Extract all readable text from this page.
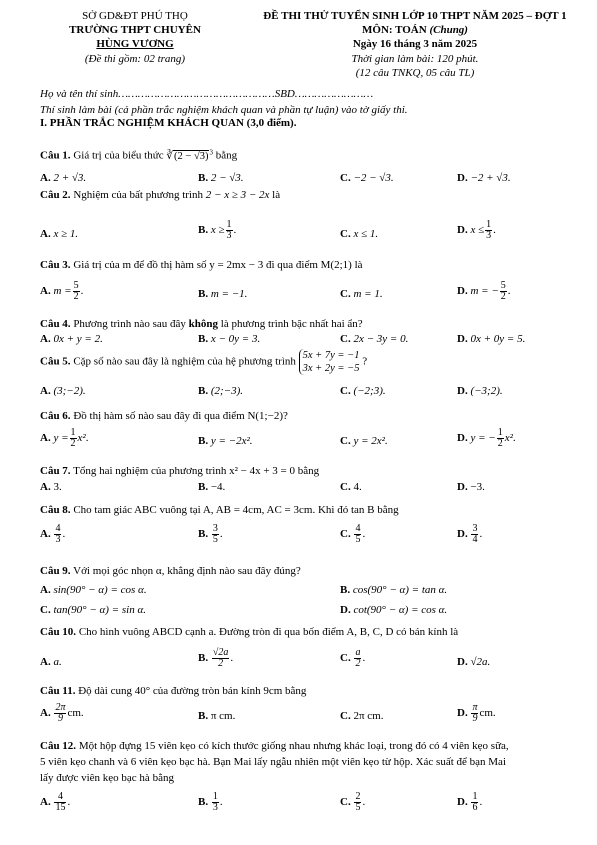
SỞ GD&ĐT PHÚ THỌ
TRƯỜNG THPT CHUYÊN
HÙNG VƯƠNG
(Đề thi gồm: 02 trang)
ĐỀ THI THỬ TUYỂN SINH LỚP 10 THPT NĂM 2025 – ĐỢT 1
MÔN: TOÁN (Chung)
Ngày 16 tháng 3 năm 2025
Thời gian làm bài: 120 phút.
(12 câu TNKQ, 05 câu TL)
Họ và tên thí sinh…………………………………………SBD……………………
Thí sinh làm bài (cả phần trắc nghiệm khách quan và phần tự luận) vào tờ giấy thi.
I. PHẦN TRẮC NGHIỆM KHÁCH QUAN (3,0 điểm).
Câu 1. Giá trị của biểu thức ∛(2 − √3)$^3$ bằng
A. 2 + √3.	B. 2 − √3.	C. −2 − √3.	D. −2 + √3.
Câu 2. Nghiệm của bất phương trình 2 − x ≥ 3 − 2x là
A. x ≥ 1.	B. $x \ge \frac{1}{3}$ .	C. x ≤ 1.	D. $x \le \frac{1}{3}$ .
Câu 3. Giá trị của m để đồ thị hàm số y = 2mx − 3 đi qua điểm M(2;1) là
A. $m = \frac{5}{2}$ .	B. m = −1.	C. m = 1.	D. m = − $\frac{5}{2}$ .
Câu 4. Phương trình nào sau đây không là phương trình bậc nhất hai ẩn?
A. 0x + y = 2.	B. x − 0y = 3.	C. 2x − 3y = 0.	D. 0x + 0y = 5.
Câu 5. Cặp số nào sau đây là nghiệm của hệ phương trình
5x + 7y = −1
3x + 2y = −5
?
A. (3;−2).	B. (2;−3).	C. (−2;3).	D. (−3;2).
Câu 6. Đồ thị hàm số nào sau đây đi qua điểm N(1;−2)?
A. $y = \frac{1}{2} x^2$.	B. y = −2x².	C. y = 2x².	D. y = − $\frac{1}{2} x^2$.
Câu 7. Tổng hai nghiệm của phương trình x² − 4x + 3 = 0 bằng
A. 3.	B. −4.	C. 4.	D. −3.
Câu 8. Cho tam giác ABC vuông tại A, AB = 4cm, AC = 3cm. Khi đó tan B bằng
A. $\frac{4}{3}$ .	B. $\frac{3}{5}$ .	C. $\frac{4}{5}$ .	D. $\frac{3}{4}$ .
Câu 9. Với mọi góc nhọn α, khẳng định nào sau đây đúng?
A. sin(90° − α) = cos α.	B. cos(90° − α) = tan α.
C. tan(90° − α) = sin α.	D. cot(90° − α) = cos α.
Câu 10. Cho hình vuông ABCD cạnh a. Đường tròn đi qua bốn điểm A, B, C, D có bán kính là
A. a.	B. $\frac{√2a}{2}$ .	C. $\frac{a}{2}$ .	D. √2a.
Câu 11. Độ dài cung 40° của đường tròn bán kính 9cm bằng
A. $\frac{2\pi}{9}$ cm.	B. π cm.	C. 2π cm.	D. $\frac{\pi}{9}$ cm.
Câu 12. Một hộp đựng 15 viên kẹo có kích thước giống nhau nhưng khác loại, trong đó có 4 viên kẹo sữa,
5 viên kẹo chanh và 6 viên kẹo bạc hà. Bạn Mai lấy ngẫu nhiên một viên kẹo từ hộp. Xác suất để bạn Mai
lấy được viên kẹo bạc hà bằng
A. $\frac{4}{15}$ .	B. $\frac{1}{3}$ .	C. $\frac{2}{5}$ .	D. $\frac{1}{6}$ .
